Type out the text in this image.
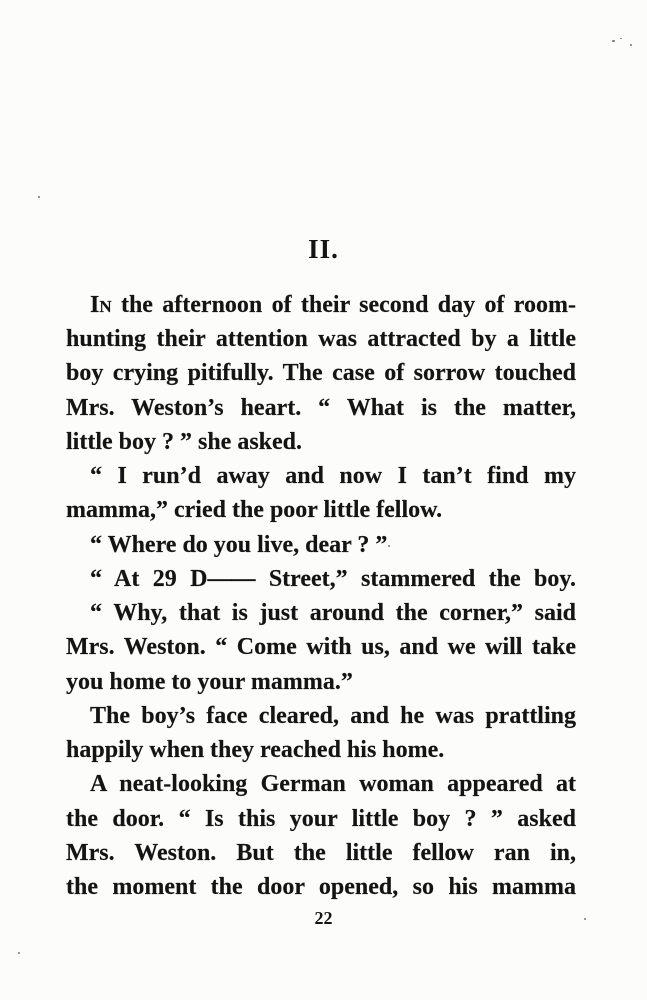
II.
In the afternoon of their second day of room-
hunting their attention was attracted by a little
boy crying pitifully. The case of sorrow touched
Mrs. Weston’s heart. “ What is the matter,
little boy ? ” she asked.
“ I run’d away and now I tan’t find my
mamma,” cried the poor little fellow.
“ Where do you live, dear ? ”
“ At 29 D—— Street,” stammered the boy.
“ Why, that is just around the corner,” said
Mrs. Weston. “ Come with us, and we will take
you home to your mamma.”
The boy’s face cleared, and he was prattling
happily when they reached his home.
A neat-looking German woman appeared at
the door. “ Is this your little boy ? ” asked
Mrs. Weston. But the little fellow ran in,
the moment the door opened, so his mamma
22
